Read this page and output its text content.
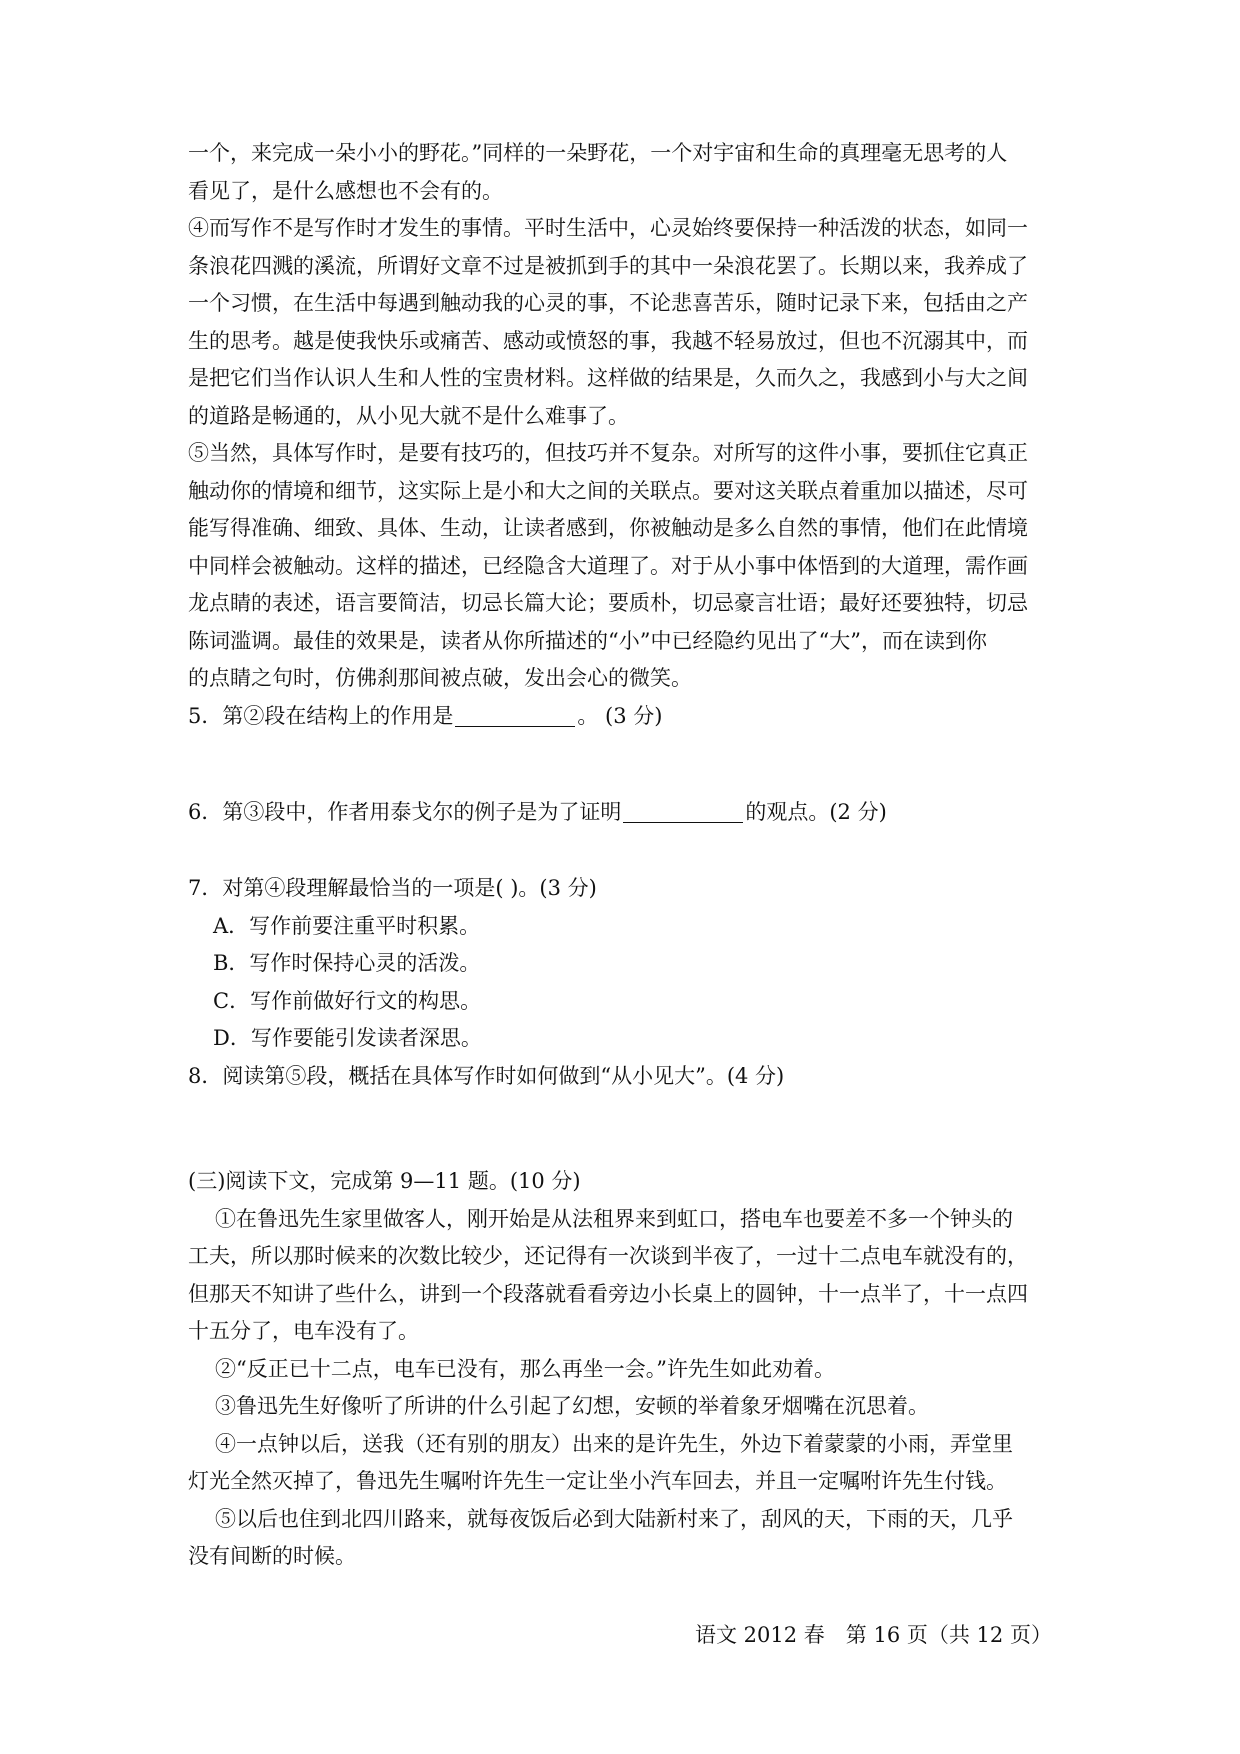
一个，来完成一朵小小的野花。”同样的一朵野花，一个对宇宙和生命的真理毫无思考的人
看见了，是什么感想也不会有的。
④而写作不是写作时才发生的事情。平时生活中，心灵始终要保持一种活泼的状态，如同一
条浪花四溅的溪流，所谓好文章不过是被抓到手的其中一朵浪花罢了。长期以来，我养成了
一个习惯，在生活中每遇到触动我的心灵的事，不论悲喜苦乐，随时记录下来，包括由之产
生的思考。越是使我快乐或痛苦、感动或愤怒的事，我越不轻易放过，但也不沉溺其中，而
是把它们当作认识人生和人性的宝贵材料。这样做的结果是，久而久之，我感到小与大之间
的道路是畅通的，从小见大就不是什么难事了。
⑤当然，具体写作时，是要有技巧的，但技巧并不复杂。对所写的这件小事，要抓住它真正
触动你的情境和细节，这实际上是小和大之间的关联点。要对这关联点着重加以描述，尽可
能写得准确、细致、具体、生动，让读者感到，你被触动是多么自然的事情，他们在此情境
中同样会被触动。这样的描述，已经隐含大道理了。对于从小事中体悟到的大道理，需作画
龙点睛的表述，语言要简洁，切忌长篇大论；要质朴，切忌豪言壮语；最好还要独特，切忌
陈词滥调。最佳的效果是，读者从你所描述的“小”中已经隐约见出了“大”，而在读到你
的点睛之句时，仿佛刹那间被点破，发出会心的微笑。
5．第②段在结构上的作用是	。 (3 分)
6．第③段中，作者用泰戈尔的例子是为了证明	的观点。(2 分)
7．对第④段理解最恰当的一项是( )。(3 分)
A．写作前要注重平时积累。
B．写作时保持心灵的活泼。
C．写作前做好行文的构思。
D．写作要能引发读者深思。
8．阅读第⑤段，概括在具体写作时如何做到“从小见大”。(4 分)
(三)阅读下文，完成第 9—11 题。(10 分)
①在鲁迅先生家里做客人，刚开始是从法租界来到虹口，搭电车也要差不多一个钟头的
工夫，所以那时候来的次数比较少，还记得有一次谈到半夜了，一过十二点电车就没有的，
但那天不知讲了些什么，讲到一个段落就看看旁边小长桌上的圆钟，十一点半了，十一点四
十五分了，电车没有了。
②“反正已十二点，电车已没有，那么再坐一会。”许先生如此劝着。
③鲁迅先生好像听了所讲的什么引起了幻想，安顿的举着象牙烟嘴在沉思着。
④一点钟以后，送我（还有别的朋友）出来的是许先生，外边下着蒙蒙的小雨，弄堂里
灯光全然灭掉了，鲁迅先生嘱咐许先生一定让坐小汽车回去，并且一定嘱咐许先生付钱。
⑤以后也住到北四川路来，就每夜饭后必到大陆新村来了，刮风的天，下雨的天，几乎
没有间断的时候。
语文 2012 春　第 16 页（共 12 页）
